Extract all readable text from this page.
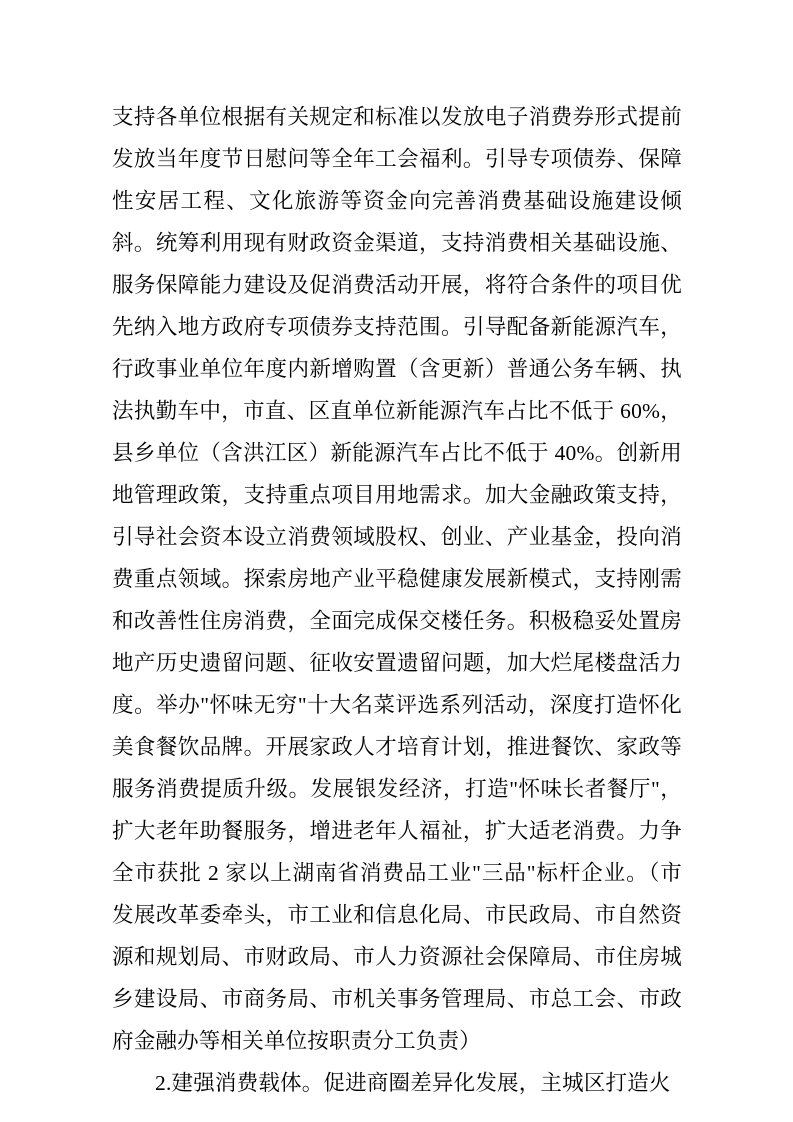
支持各单位根据有关规定和标准以发放电子消费券形式提前发放当年度节日慰问等全年工会福利。引导专项债券、保障性安居工程、文化旅游等资金向完善消费基础设施建设倾斜。统筹利用现有财政资金渠道，支持消费相关基础设施、服务保障能力建设及促消费活动开展，将符合条件的项目优先纳入地方政府专项债券支持范围。引导配备新能源汽车，行政事业单位年度内新增购置（含更新）普通公务车辆、执法执勤车中，市直、区直单位新能源汽车占比不低于 60%，县乡单位（含洪江区）新能源汽车占比不低于 40%。创新用地管理政策，支持重点项目用地需求。加大金融政策支持，引导社会资本设立消费领域股权、创业、产业基金，投向消费重点领域。探索房地产业平稳健康发展新模式，支持刚需和改善性住房消费，全面完成保交楼任务。积极稳妥处置房地产历史遗留问题、征收安置遗留问题，加大烂尾楼盘活力度。举办"怀味无穷"十大名菜评选系列活动，深度打造怀化美食餐饮品牌。开展家政人才培育计划，推进餐饮、家政等服务消费提质升级。发展银发经济，打造"怀味长者餐厅"，扩大老年助餐服务，增进老年人福祉，扩大适老消费。力争全市获批 2 家以上湖南省消费品工业"三品"标杆企业。（市发展改革委牵头，市工业和信息化局、市民政局、市自然资源和规划局、市财政局、市人力资源社会保障局、市住房城乡建设局、市商务局、市机关事务管理局、市总工会、市政府金融办等相关单位按职责分工负责）

2.建强消费载体。促进商圈差异化发展，主城区打造火
